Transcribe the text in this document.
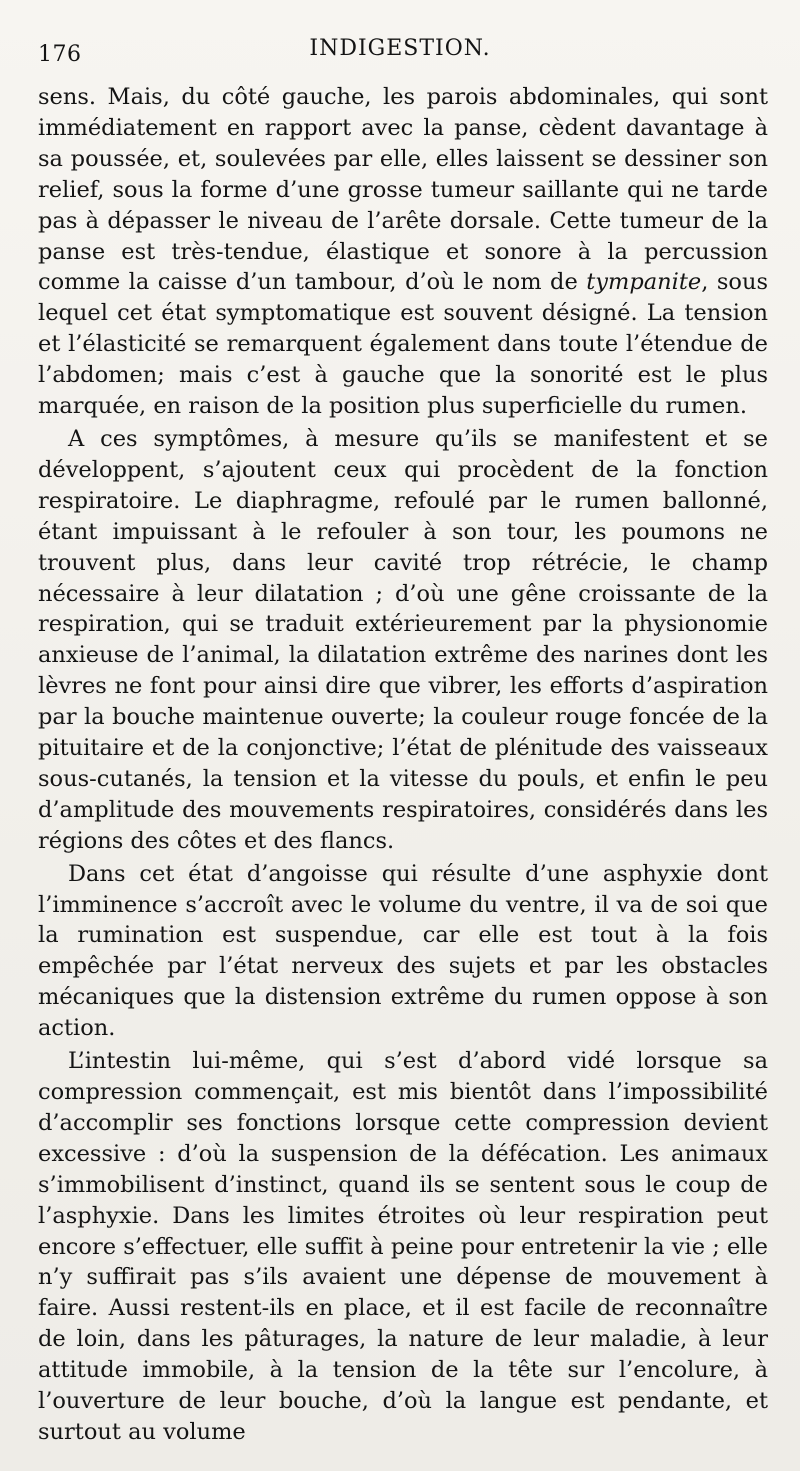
176	INDIGESTION.

sens. Mais, du côté gauche, les parois abdominales, qui sont immédiatement en rapport avec la panse, cèdent davantage à sa poussée, et, soulevées par elle, elles laissent se dessiner son relief, sous la forme d’une grosse tumeur saillante qui ne tarde pas à dépasser le niveau de l’arête dorsale. Cette tumeur de la panse est très-tendue, élastique et sonore à la percussion comme la caisse d’un tambour, d’où le nom de tympanite, sous lequel cet état symptomatique est souvent désigné. La tension et l’élasticité se remarquent également dans toute l’étendue de l’abdomen; mais c’est à gauche que la sonorité est le plus marquée, en raison de la position plus superficielle du rumen.

A ces symptômes, à mesure qu’ils se manifestent et se développent, s’ajoutent ceux qui procèdent de la fonction respiratoire. Le diaphragme, refoulé par le rumen ballonné, étant impuissant à le refouler à son tour, les poumons ne trouvent plus, dans leur cavité trop rétrécie, le champ nécessaire à leur dilatation ; d’où une gêne croissante de la respiration, qui se traduit extérieurement par la physionomie anxieuse de l’animal, la dilatation extrême des narines dont les lèvres ne font pour ainsi dire que vibrer, les efforts d’aspiration par la bouche maintenue ouverte; la couleur rouge foncée de la pituitaire et de la conjonctive; l’état de plénitude des vaisseaux sous-cutanés, la tension et la vitesse du pouls, et enfin le peu d’amplitude des mouvements respiratoires, considérés dans les régions des côtes et des flancs.

Dans cet état d’angoisse qui résulte d’une asphyxie dont l’imminence s’accroît avec le volume du ventre, il va de soi que la rumination est suspendue, car elle est tout à la fois empêchée par l’état nerveux des sujets et par les obstacles mécaniques que la distension extrême du rumen oppose à son action.

L’intestin lui-même, qui s’est d’abord vidé lorsque sa compression commençait, est mis bientôt dans l’impossibilité d’accomplir ses fonctions lorsque cette compression devient excessive : d’où la suspension de la défécation. Les animaux s’immobilisent d’instinct, quand ils se sentent sous le coup de l’asphyxie. Dans les limites étroites où leur respiration peut encore s’effectuer, elle suffit à peine pour entretenir la vie ; elle n’y suffirait pas s’ils avaient une dépense de mouvement à faire. Aussi restent-ils en place, et il est facile de reconnaître de loin, dans les pâturages, la nature de leur maladie, à leur attitude immobile, à la tension de la tête sur l’encolure, à l’ouverture de leur bouche, d’où la langue est pendante, et surtout au volume
